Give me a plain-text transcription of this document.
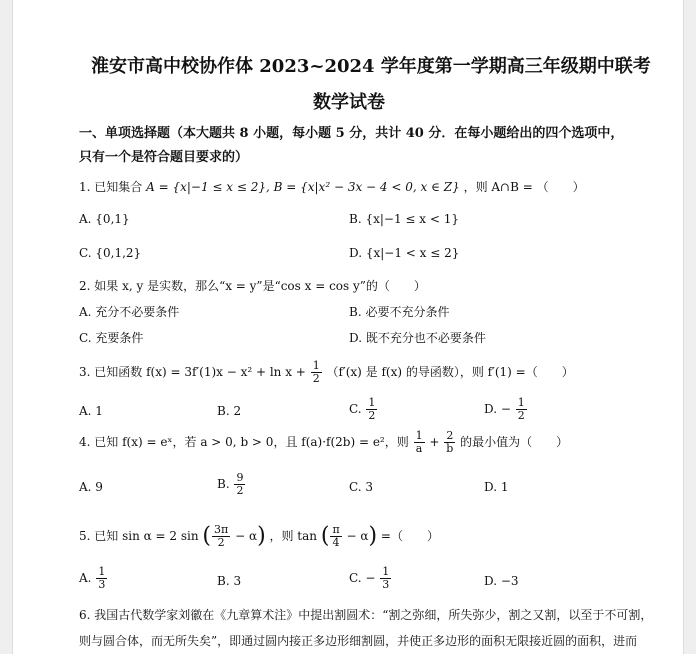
淮安市高中校协作体 2023~2024 学年度第一学期高三年级期中联考
数学试卷
一、单项选择题（本大题共 8 小题，每小题 5 分，共计 40 分．在每小题给出的四个选项中，
只有一个是符合题目要求的）
1. 已知集合 A = {x|−1 ≤ x ≤ 2}, B = {x|x² − 3x − 4 < 0, x ∈ Z} ，则 A∩B = （　　）
A. {0,1}	B. {x|−1 ≤ x < 1}
C. {0,1,2}	D. {x|−1 < x ≤ 2}
2. 如果 x, y 是实数，那么“x = y”是“cos x = cos y”的（　　）
A. 充分不必要条件	B. 必要不充分条件
C. 充要条件	D. 既不充分也不必要条件
3. 已知函数 $f(x) = 3f'(1)x - x^2 + \ln x + \frac{1}{2} (f'(x)$ 是 f(x) 的导函数），则 f′(1) =（　　）
A. 1	B. 2	C. $\frac{1}{2}$	D. − $\frac{1}{2}$
4. 已知 f(x) = eˣ，若 a > 0, b > 0，且 f(a)·f(2b) = e²，则 $\frac{1}{a} + \frac{2}{b}$ 的最小值为（　　）
A. 9	B. $\frac{9}{2}$	C. 3	D. 1
5. 已知 sin α = 2 sin ( $\frac{3\pi}{2} - \alpha$) ，则 tan ( $\frac{\pi}{4} - \alpha$) =（　　）
A. $\frac{1}{3}$	B. 3	C. − $\frac{1}{3}$	D. −3
6. 我国古代数学家刘徽在《九章算术注》中提出割圆术：“割之弥细，所失弥少，割之又割，以至于不可割，
则与圆合体，而无所失矣”，即通过圆内接正多边形细割圆，并使正多边形的面积无限接近圆的面积，进而
